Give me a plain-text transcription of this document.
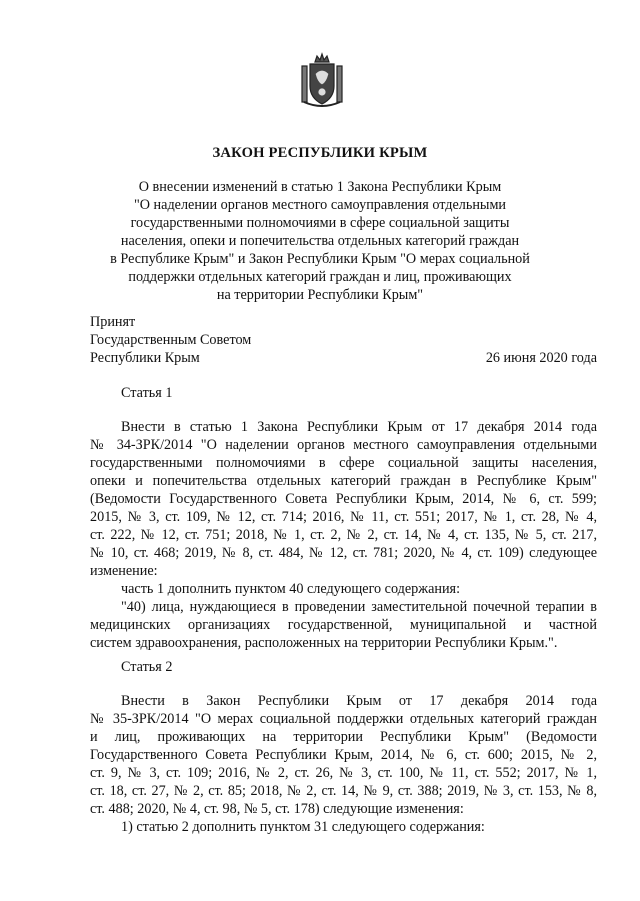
ЗАКОН РЕСПУБЛИКИ КРЫМ
О внесении изменений в статью 1 Закона Республики Крым
"О наделении органов местного самоуправления отдельными
государственными полномочиями в сфере социальной защиты
населения, опеки и попечительства отдельных категорий граждан
в Республике Крым" и Закон Республики Крым "О мерах социальной
поддержки отдельных категорий граждан и лиц, проживающих
на территории Республики Крым"
Принят
Государственным Советом
Республики Крым	26 июня 2020 года
Статья 1
Внести в статью 1 Закона Республики Крым от 17 декабря 2014 года
№ 34-ЗРК/2014 "О наделении органов местного самоуправления отдельными
государственными полномочиями в сфере социальной защиты населения,
опеки и попечительства отдельных категорий граждан в Республике Крым"
(Ведомости Государственного Совета Республики Крым, 2014, № 6, ст. 599;
2015, № 3, ст. 109, № 12, ст. 714; 2016, № 11, ст. 551; 2017, № 1, ст. 28, № 4,
ст. 222, № 12, ст. 751; 2018, № 1, ст. 2, № 2, ст. 14, № 4, ст. 135, № 5, ст. 217,
№ 10, ст. 468; 2019, № 8, ст. 484, № 12, ст. 781; 2020, № 4, ст. 109) следующее
изменение:
часть 1 дополнить пунктом 40 следующего содержания:
"40) лица, нуждающиеся в проведении заместительной почечной терапии в
медицинских организациях государственной, муниципальной и частной
систем здравоохранения, расположенных на территории Республики Крым.".
Статья 2
Внести в Закон Республики Крым от 17 декабря 2014 года
№ 35-ЗРК/2014 "О мерах социальной поддержки отдельных категорий граждан
и лиц, проживающих на территории Республики Крым" (Ведомости
Государственного Совета Республики Крым, 2014, № 6, ст. 600; 2015, № 2,
ст. 9, № 3, ст. 109; 2016, № 2, ст. 26, № 3, ст. 100, № 11, ст. 552; 2017, № 1,
ст. 18, ст. 27, № 2, ст. 85; 2018, № 2, ст. 14, № 9, ст. 388; 2019, № 3, ст. 153, № 8,
ст. 488; 2020, № 4, ст. 98, № 5, ст. 178) следующие изменения:
1) статью 2 дополнить пунктом 31 следующего содержания:
